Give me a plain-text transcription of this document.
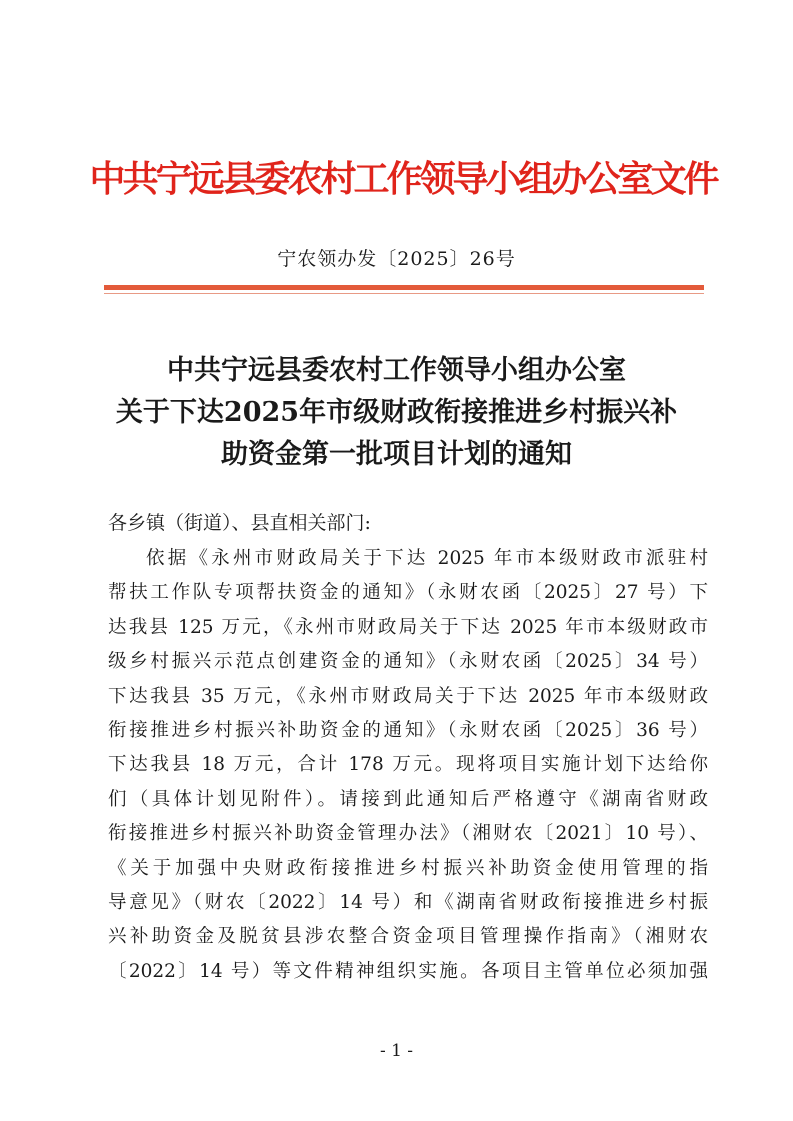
中共宁远县委农村工作领导小组办公室文件
宁农领办发〔2025〕26号
中共宁远县委农村工作领导小组办公室
关于下达2025年市级财政衔接推进乡村振兴补
助资金第一批项目计划的通知
各乡镇（街道）、县直相关部门:
依据《永州市财政局关于下达 2025 年市本级财政市派驻村
帮扶工作队专项帮扶资金的通知》（永财农函〔2025〕27 号）下
达我县 125 万元，《永州市财政局关于下达 2025 年市本级财政市
级乡村振兴示范点创建资金的通知》（永财农函〔2025〕34 号）
下达我县 35 万元，《永州市财政局关于下达 2025 年市本级财政
衔接推进乡村振兴补助资金的通知》（永财农函〔2025〕36 号）
下达我县 18 万元，合计 178 万元。现将项目实施计划下达给你
们（具体计划见附件）。请接到此通知后严格遵守《湖南省财政
衔接推进乡村振兴补助资金管理办法》（湘财农〔2021〕10 号）、
《关于加强中央财政衔接推进乡村振兴补助资金使用管理的指
导意见》（财农〔2022〕14 号）和《湖南省财政衔接推进乡村振
兴补助资金及脱贫县涉农整合资金项目管理操作指南》（湘财农
〔2022〕14 号）等文件精神组织实施。各项目主管单位必须加强
- 1 -
